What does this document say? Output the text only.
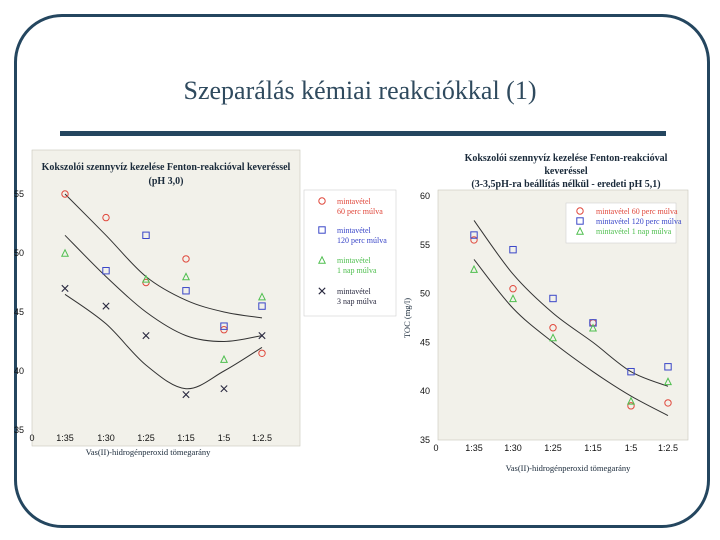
Szeparálás kémiai reakciókkal (1)
Kokszolói szennyvíz kezelése Fenton-reakcióval keveréssel
(pH 3,0)
35
40
45
50
55
0 1:35	1:30 1:25 1:15	1:5 1:2.5
Vas(II)-hidrogénperoxid tömegarány
mintavétel
60 perc múlva
mintavétel
120 perc múlva
mintavétel
1 nap múlva
mintavétel
3 nap múlva
Kokszolói szennyvíz kezelése Fenton-reakcióval
keveréssel
(3-3,5pH-ra beállítás nélkül - eredeti pH 5,1)
35
40
45
50
55
60
0	1:35 1:30 1:25 1:15	1:5 1:2.5
Vas(II)-hidrogénperoxid tömegarány
TOC (mg/l)
mintavétel 60 perc múlva
mintavétel 120 perc múlva
mintavétel 1 nap múlva
